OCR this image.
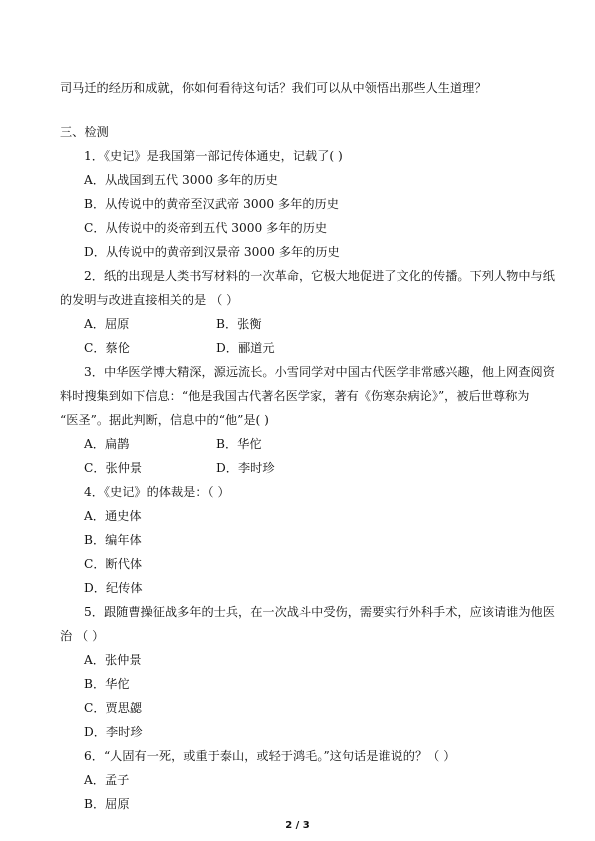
司马迁的经历和成就，你如何看待这句话？我们可以从中领悟出那些人生道理？
三、检测
1．《史记》是我国第一部记传体通史，记载了( )
A．从战国到五代 3000 多年的历史
B．从传说中的黄帝至汉武帝 3000 多年的历史
C．从传说中的炎帝到五代 3000 多年的历史
D．从传说中的黄帝到汉景帝 3000 多年的历史
2．纸的出现是人类书写材料的一次革命，它极大地促进了文化的传播。下列人物中与纸
的发明与改进直接相关的是 （ ）
A．屈原	B．张衡
C．蔡伦	D．郦道元
3．中华医学博大精深，源远流长。小雪同学对中国古代医学非常感兴趣，他上网查阅资
料时搜集到如下信息：“他是我国古代著名医学家，著有《伤寒杂病论》”，被后世尊称为
“医圣”。据此判断，信息中的“他”是( )
A．扁鹊	B．华佗
C．张仲景	D．李时珍
4．《史记》的体裁是：（ ）
A．通史体
B．编年体
C．断代体
D．纪传体
5．跟随曹操征战多年的士兵，在一次战斗中受伤，需要实行外科手术，应该请谁为他医
治 （ ）
A．张仲景
B．华佗
C．贾思勰
D．李时珍
6．“人固有一死，或重于泰山，或轻于鸿毛。”这句话是谁说的？（ ）
A．孟子
B．屈原
2 / 3
